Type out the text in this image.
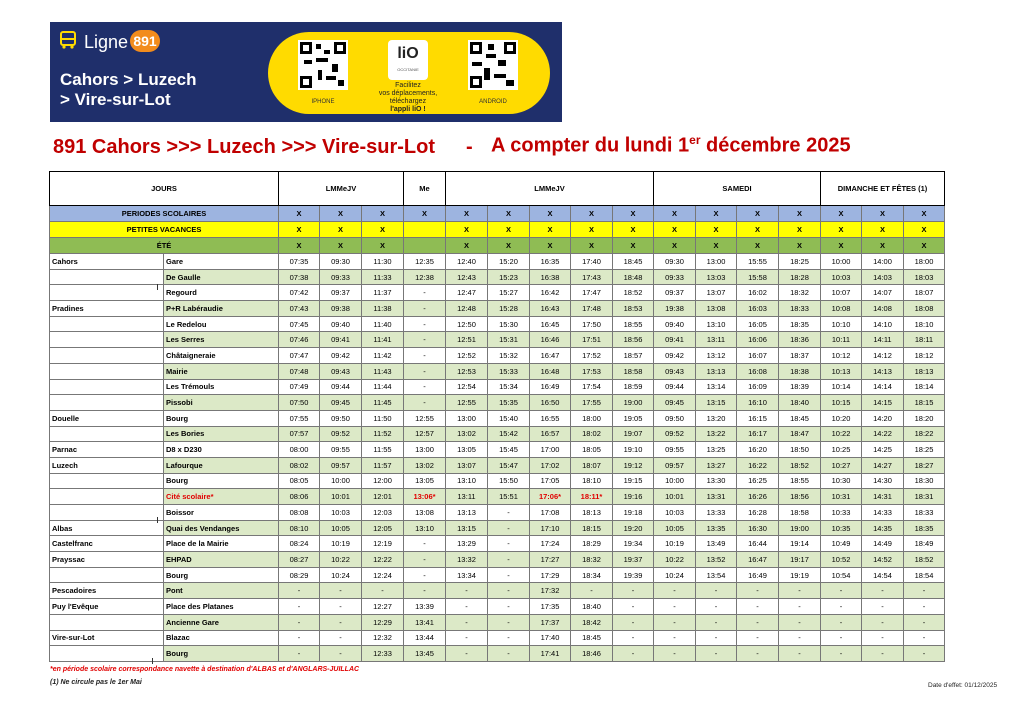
Ligne 891
Cahors > Luzech
> Vire-sur-Lot	IPHONE
liO
OCCITANIE
Facilitez
vos déplacements,
téléchargez
l'appli liO !
ANDROID
891 Cahors >>> Luzech >>> Vire-sur-Lot - A compter du lundi 1er décembre 2025
JOURS		LMMeJV			Me	LMMeJV					SAMEDI				DIMANCHE ET FÊTES (1)		
PERIODES SCOLAIRES		X	X	X	X	X	X	X	X	X	X	X	X	X	X	X	X
PETITES VACANCES		X	X	X		X	X	X	X	X	X	X	X	X	X	X	X
ÉTÉ		X	X	X		X	X	X	X	X	X	X	X	X	X	X	X
Cahors	Gare	07:35	09:30	11:30	12:35	12:40	15:20	16:35	17:40	18:45	09:30	13:00	15:55	18:25	10:00	14:00	18:00
	De Gaulle	07:38	09:33	11:33	12:38	12:43	15:23	16:38	17:43	18:48	09:33	13:03	15:58	18:28	10:03	14:03	18:03
	Regourd	07:42	09:37	11:37	-	12:47	15:27	16:42	17:47	18:52	09:37	13:07	16:02	18:32	10:07	14:07	18:07
Pradines	P+R Labéraudie	07:43	09:38	11:38	-	12:48	15:28	16:43	17:48	18:53	19:38	13:08	16:03	18:33	10:08	14:08	18:08
	Le Redelou	07:45	09:40	11:40	-	12:50	15:30	16:45	17:50	18:55	09:40	13:10	16:05	18:35	10:10	14:10	18:10
	Les Serres	07:46	09:41	11:41	-	12:51	15:31	16:46	17:51	18:56	09:41	13:11	16:06	18:36	10:11	14:11	18:11
	Châtaigneraie	07:47	09:42	11:42	-	12:52	15:32	16:47	17:52	18:57	09:42	13:12	16:07	18:37	10:12	14:12	18:12
	Mairie	07:48	09:43	11:43	-	12:53	15:33	16:48	17:53	18:58	09:43	13:13	16:08	18:38	10:13	14:13	18:13
	Les Trémouls	07:49	09:44	11:44	-	12:54	15:34	16:49	17:54	18:59	09:44	13:14	16:09	18:39	10:14	14:14	18:14
	Pissobi	07:50	09:45	11:45	-	12:55	15:35	16:50	17:55	19:00	09:45	13:15	16:10	18:40	10:15	14:15	18:15
Douelle	Bourg	07:55	09:50	11:50	12:55	13:00	15:40	16:55	18:00	19:05	09:50	13:20	16:15	18:45	10:20	14:20	18:20
	Les Bories	07:57	09:52	11:52	12:57	13:02	15:42	16:57	18:02	19:07	09:52	13:22	16:17	18:47	10:22	14:22	18:22
Parnac	D8 x D230	08:00	09:55	11:55	13:00	13:05	15:45	17:00	18:05	19:10	09:55	13:25	16:20	18:50	10:25	14:25	18:25
Luzech	Lafourque	08:02	09:57	11:57	13:02	13:07	15:47	17:02	18:07	19:12	09:57	13:27	16:22	18:52	10:27	14:27	18:27
	Bourg	08:05	10:00	12:00	13:05	13:10	15:50	17:05	18:10	19:15	10:00	13:30	16:25	18:55	10:30	14:30	18:30
	Cité scolaire*	08:06	10:01	12:01	13:06*	13:11	15:51	17:06*	18:11*	19:16	10:01	13:31	16:26	18:56	10:31	14:31	18:31
	Boissor	08:08	10:03	12:03	13:08	13:13	-	17:08	18:13	19:18	10:03	13:33	16:28	18:58	10:33	14:33	18:33
Albas	Quai des Vendanges	08:10	10:05	12:05	13:10	13:15	-	17:10	18:15	19:20	10:05	13:35	16:30	19:00	10:35	14:35	18:35
Castelfranc	Place de la Mairie	08:24	10:19	12:19	-	13:29	-	17:24	18:29	19:34	10:19	13:49	16:44	19:14	10:49	14:49	18:49
Prayssac	EHPAD	08:27	10:22	12:22	-	13:32	-	17:27	18:32	19:37	10:22	13:52	16:47	19:17	10:52	14:52	18:52
	Bourg	08:29	10:24	12:24	-	13:34	-	17:29	18:34	19:39	10:24	13:54	16:49	19:19	10:54	14:54	18:54
Pescadoires	Pont	-	-	-	-	-	-	17:32	-	-	-	-	-	-	-	-	-
Puy l'Evêque	Place des Platanes	-	-	12:27	13:39	-	-	17:35	18:40	-	-	-	-	-	-	-	-
	Ancienne Gare	-	-	12:29	13:41	-	-	17:37	18:42	-	-	-	-	-	-	-	-
Vire-sur-Lot	Blazac	-	-	12:32	13:44	-	-	17:40	18:45	-	-	-	-	-	-	-	-
	Bourg	-	-	12:33	13:45	-	-	17:41	18:46	-	-	-	-	-	-	-	-
*en période scolaire correspondance navette à destination d'ALBAS et d'ANGLARS-JUILLAC
(1) Ne circule pas le 1er Mai	Date d'effet: 01/12/2025
